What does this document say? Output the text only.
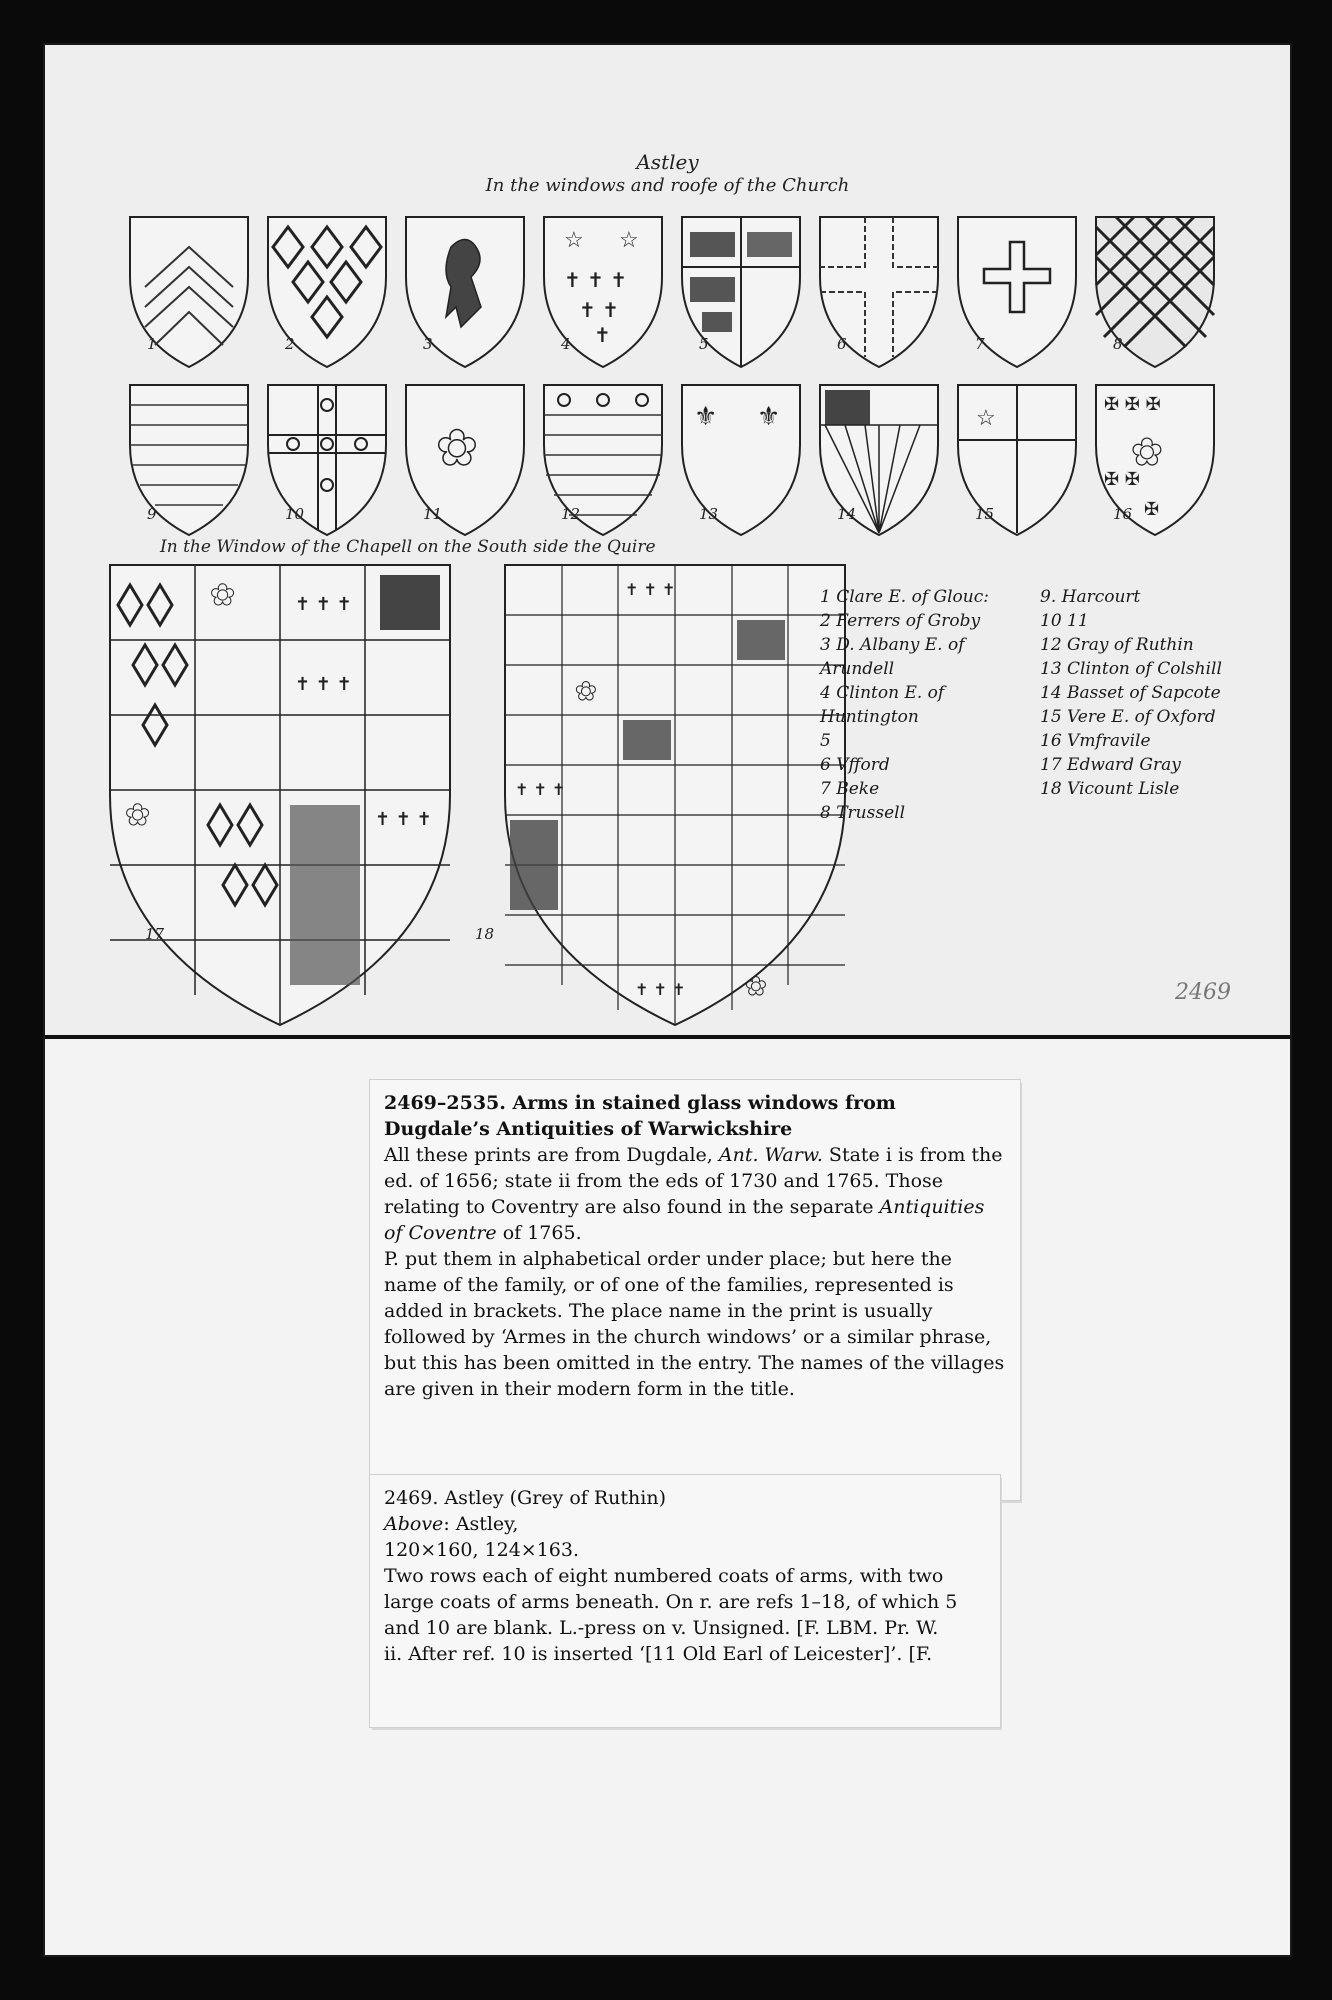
Astley
In the windows and roofe of the Church
☆ ☆
✝ ✝ ✝
✝ ✝
✝
1	2	3	4	5	6	7	8
✿
⚜ ⚜	☆
✠ ✠ ✠
✿
✠ ✠
✠
9	10	11	12	13	14	15	16
In the Window of the Chapell on the South side the Quire
✝ ✝ ✝
✝ ✝ ✝
✝ ✝ ✝
✿
✿
✝ ✝ ✝
✝ ✝ ✝
✝ ✝ ✝
✿
✿
17	18
1 Clare E. of Glouc:
2 Ferrers of Groby
3 D. Albany E. of
Arundell
4 Clinton E. of
Huntington
5
6 Vfford
7 Beke
8 Trussell
9. Harcourt
10 11
12 Gray of Ruthin
13 Clinton of Colshill
14 Basset of Sapcote
15 Vere E. of Oxford
16 Vmfravile
17 Edward Gray
18 Vicount Lisle
2469

2469–2535. Arms in stained glass windows from Dugdale’s Antiquities of Warwickshire

All these prints are from Dugdale, Ant. Warw. State i is from the ed. of 1656; state ii from the eds of 1730 and 1765. Those relating to Coventry are also found in the separate Antiquities of Coventre of 1765.

P. put them in alphabetical order under place; but here the name of the family, or of one of the families, represented is added in brackets. The place name in the print is usually followed by ‘Armes in the church windows’ or a similar phrase, but this has been omitted in the entry. The names of the villages are given in their modern form in the title.

2469. Astley (Grey of Ruthin)

Above: Astley,

120×160, 124×163.

Two rows each of eight numbered coats of arms, with two large coats of arms beneath. On r. are refs 1–18, of which 5 and 10 are blank. L.-press on v. Unsigned. [F. LBM. Pr. W.

ii. After ref. 10 is inserted ‘[11 Old Earl of Leicester]’. [F.
